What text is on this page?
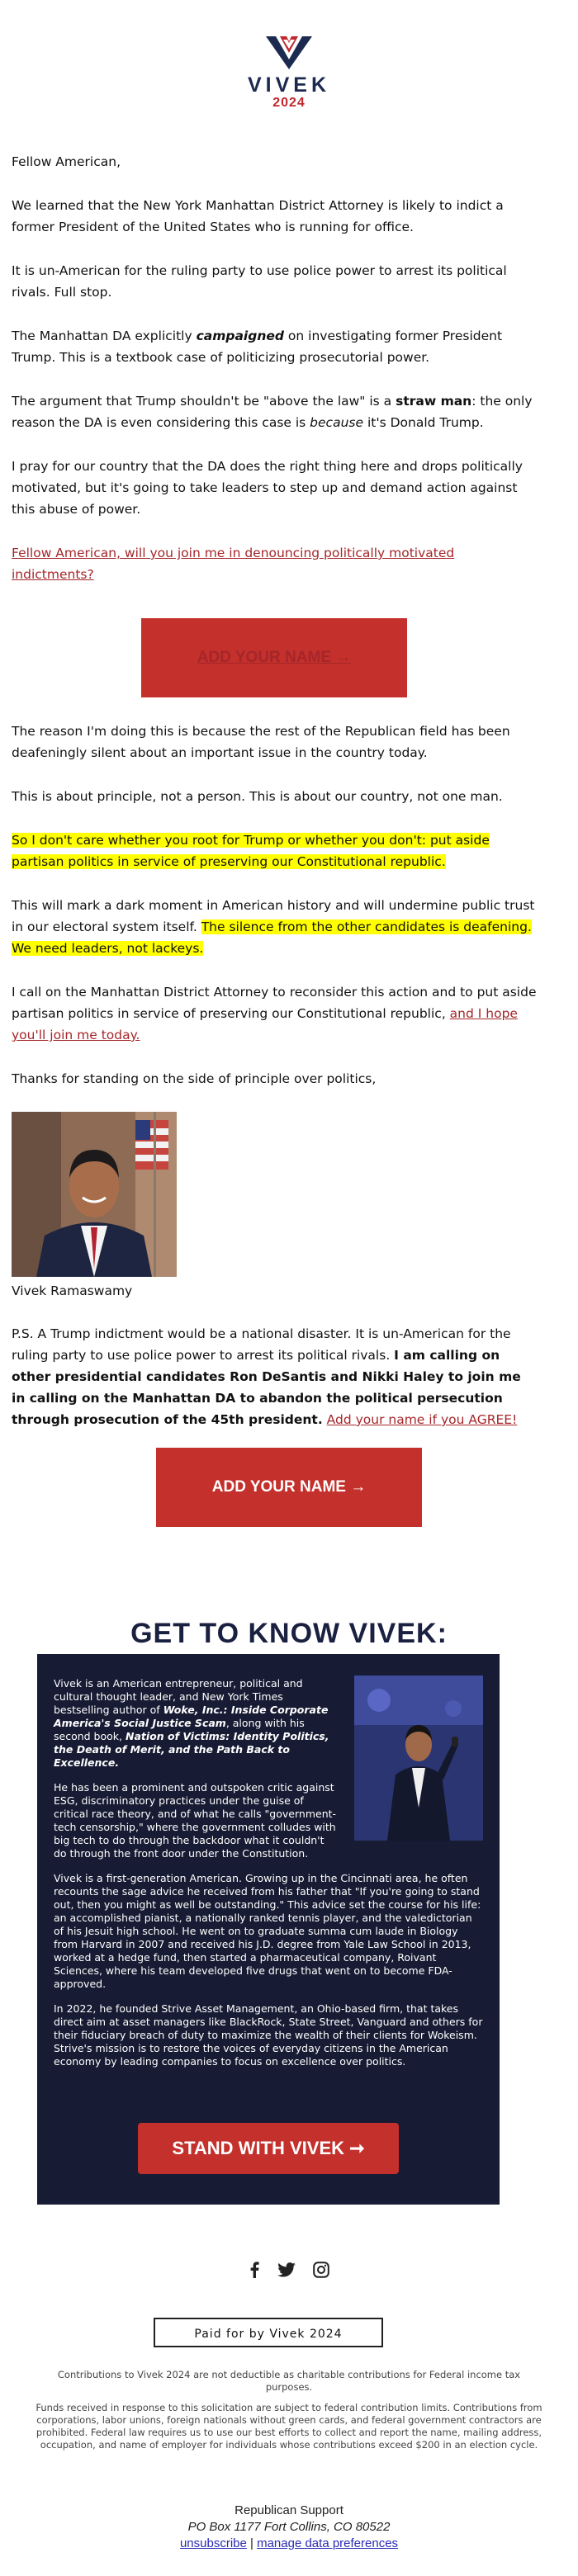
VIVEK
2024

Fellow American,

We learned that the New York Manhattan District Attorney is likely to indict a former President of the United States who is running for office.

It is un-American for the ruling party to use police power to arrest its political rivals. Full stop.

The Manhattan DA explicitly campaigned on investigating former President Trump. This is a textbook case of politicizing prosecutorial power.

The argument that Trump shouldn't be "above the law" is a straw man: the only reason the DA is even considering this case is because it's Donald Trump.

I pray for our country that the DA does the right thing here and drops politically motivated, but it's going to take leaders to step up and demand action against this abuse of power.

Fellow American, will you join me in denouncing politically motivated indictments?

ADD YOUR NAME →

The reason I'm doing this is because the rest of the Republican field has been deafeningly silent about an important issue in the country today.

This is about principle, not a person. This is about our country, not one man.

So I don't care whether you root for Trump or whether you don't: put aside partisan politics in service of preserving our Constitutional republic.

This will mark a dark moment in American history and will undermine public trust in our electoral system itself. The silence from the other candidates is deafening. We need leaders, not lackeys.

I call on the Manhattan District Attorney to reconsider this action and to put aside partisan politics in service of preserving our Constitutional republic, and I hope you'll join me today.

Thanks for standing on the side of principle over politics,

Vivek Ramaswamy
P.S. A Trump indictment would be a national disaster. It is un-American for the ruling party to use police power to arrest its political rivals. I am calling on other presidential candidates Ron DeSantis and Nikki Haley to join me in calling on the Manhattan DA to abandon the political persecution through prosecution of the 45th president. Add your name if you AGREE!
ADD YOUR NAME →
GET TO KNOW VIVEK:

Vivek is an American entrepreneur, political and cultural thought leader, and New York Times bestselling author of Woke, Inc.: Inside Corporate America's Social Justice Scam, along with his second book, Nation of Victims: Identity Politics, the Death of Merit, and the Path Back to Excellence.

He has been a prominent and outspoken critic against ESG, discriminatory practices under the guise of critical race theory, and of what he calls "government-tech censorship," where the government colludes with big tech to do through the backdoor what it couldn't do through the front door under the Constitution.

Vivek is a first-generation American. Growing up in the Cincinnati area, he often recounts the sage advice he received from his father that "If you're going to stand out, then you might as well be outstanding." This advice set the course for his life: an accomplished pianist, a nationally ranked tennis player, and the valedictorian of his Jesuit high school. He went on to graduate summa cum laude in Biology from Harvard in 2007 and received his J.D. degree from Yale Law School in 2013, worked at a hedge fund, then started a pharmaceutical company, Roivant Sciences, where his team developed five drugs that went on to become FDA-approved.

In 2022, he founded Strive Asset Management, an Ohio-based firm, that takes direct aim at asset managers like BlackRock, State Street, Vanguard and others for their fiduciary breach of duty to maximize the wealth of their clients for Wokeism. Strive's mission is to restore the voices of everyday citizens in the American economy by leading companies to focus on excellence over politics.

STAND WITH VIVEK ➞

Paid for by Vivek 2024
Contributions to Vivek 2024 are not deductible as charitable contributions for Federal income tax purposes.
Funds received in response to this solicitation are subject to federal contribution limits. Contributions from corporations, labor unions, foreign nationals without green cards, and federal government contractors are prohibited. Federal law requires us to use our best efforts to collect and report the name, mailing address, occupation, and name of employer for individuals whose contributions exceed $200 in an election cycle.
Republican Support
PO Box 1177 Fort Collins, CO 80522
unsubscribe | manage data preferences
